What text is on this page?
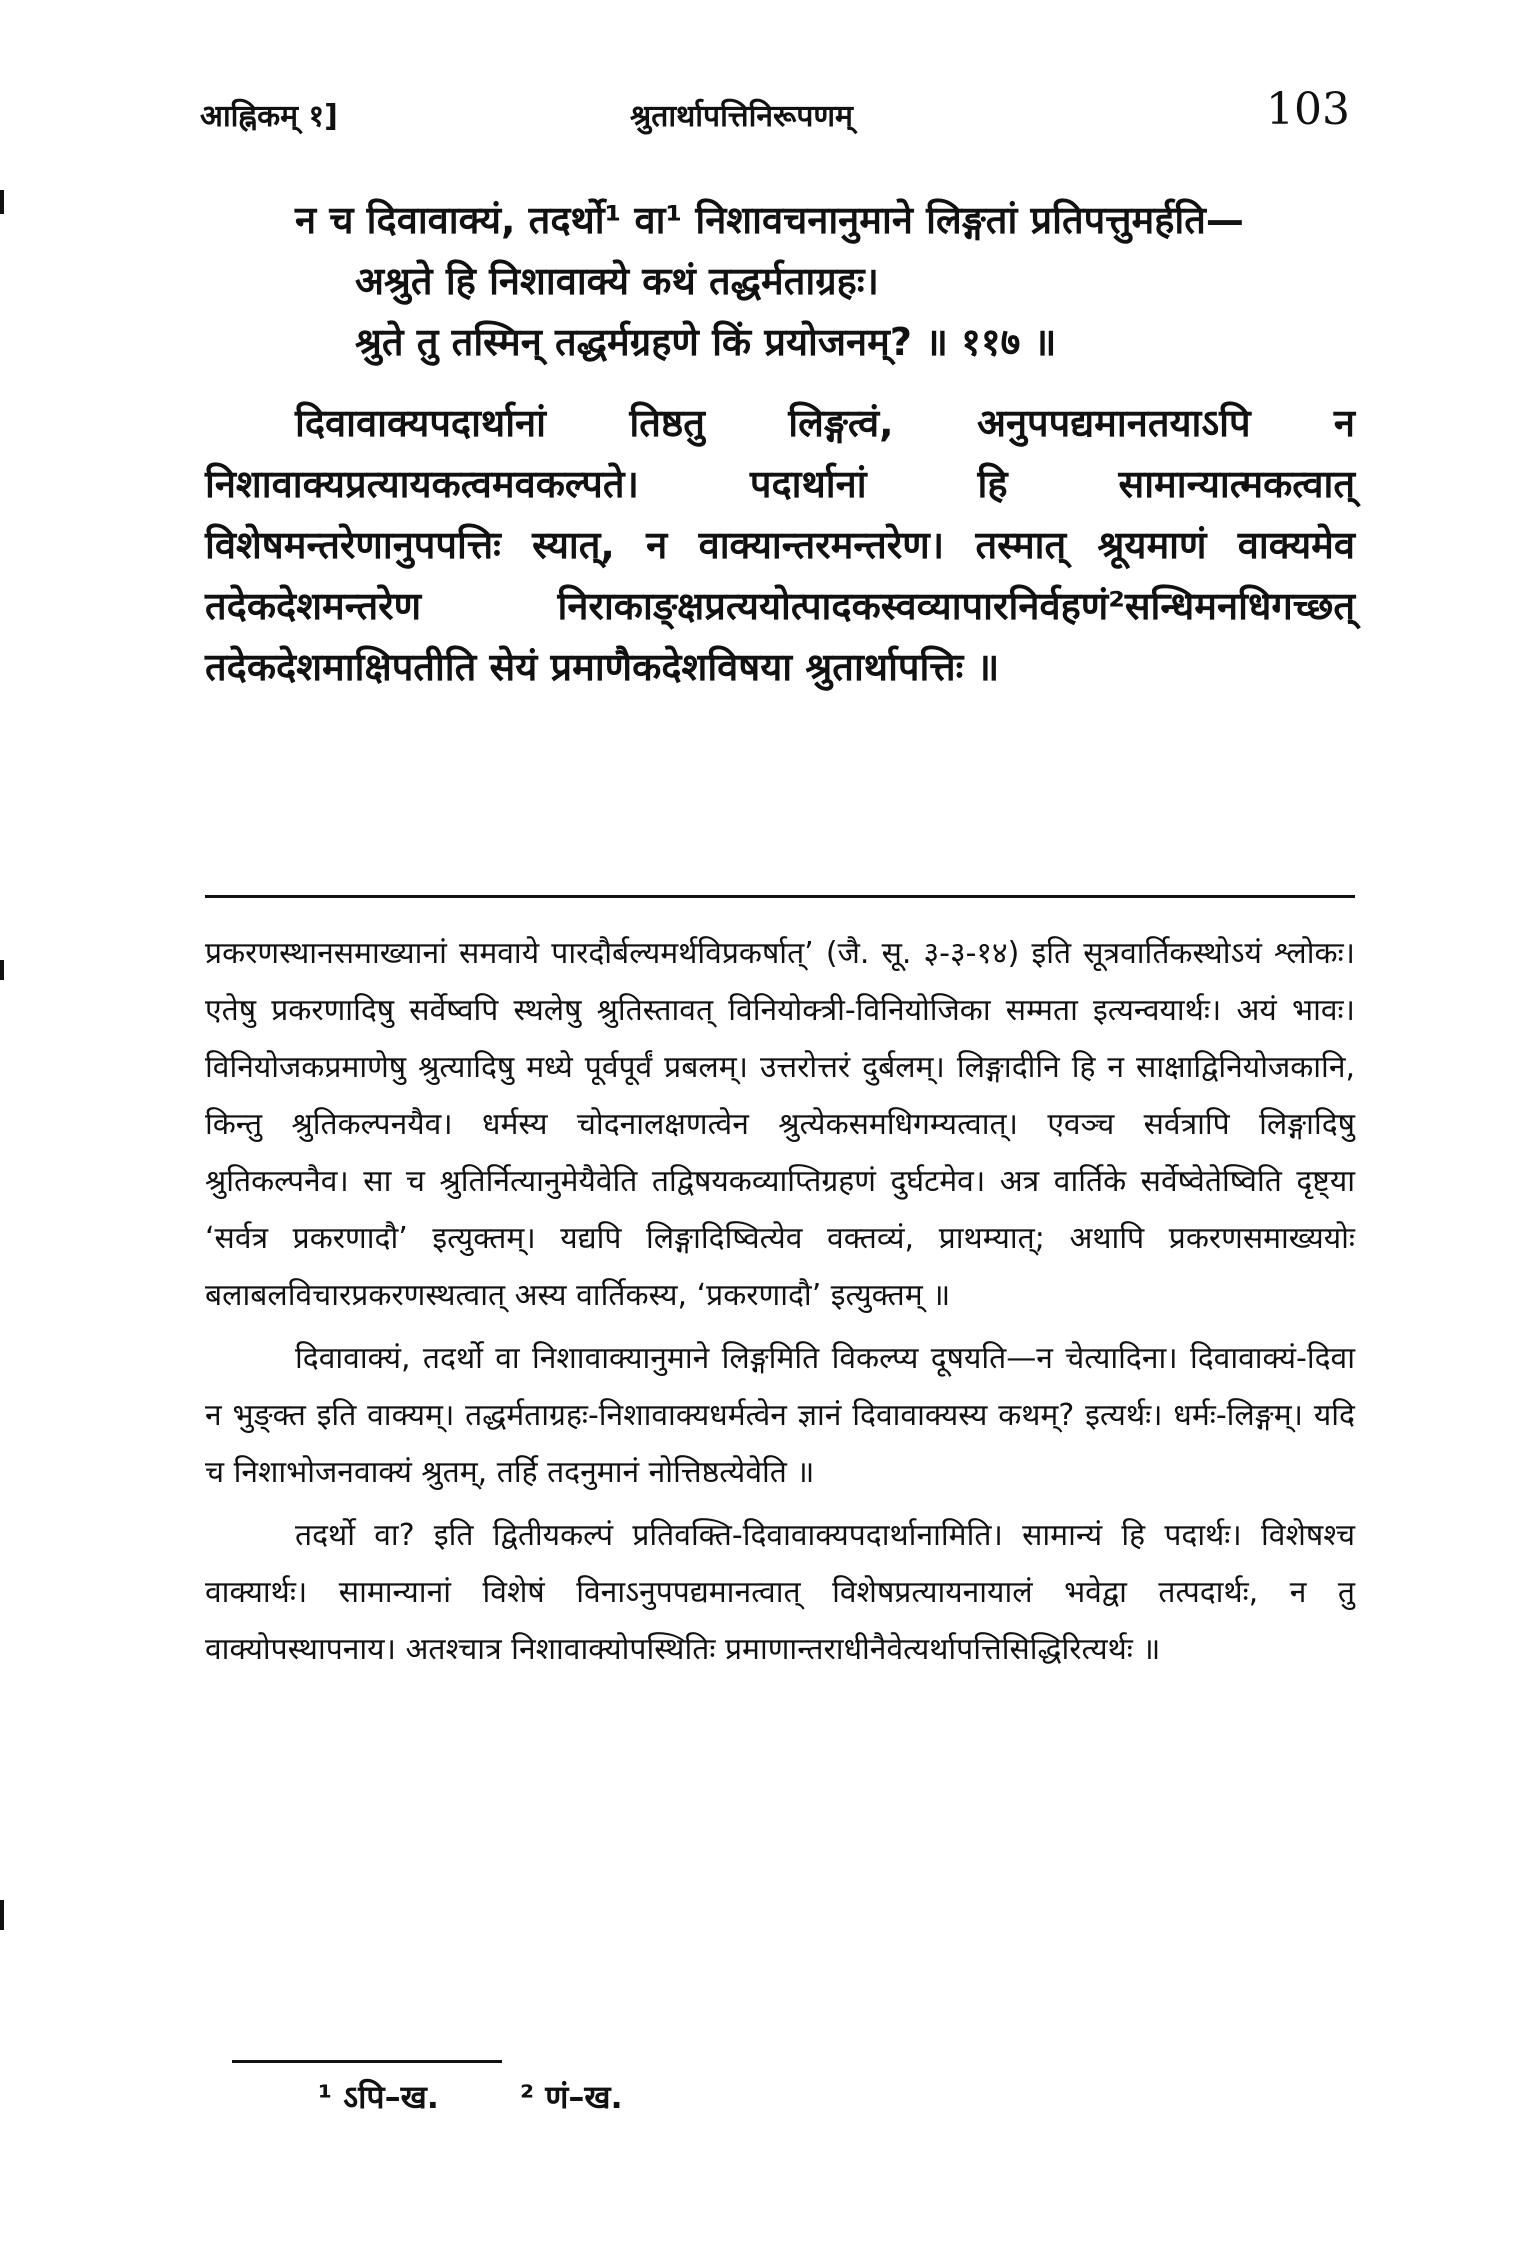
आह्निकम् १]	श्रुतार्थापत्तिनिरूपणम्	103

न च दिवावाक्यं, तदर्थो¹ वा¹ निशावचनानुमाने लिङ्गतां प्रतिपत्तुमर्हति—

अश्रुते हि निशावाक्ये कथं तद्धर्मताग्रहः।

श्रुते तु तस्मिन् तद्धर्मग्रहणे किं प्रयोजनम्? ॥ ११७ ॥

दिवावाक्यपदार्थानां तिष्ठतु लिङ्गत्वं, अनुपपद्यमानतयाऽपि न निशावाक्यप्रत्यायकत्वमवकल्पते। पदार्थानां हि सामान्यात्मकत्वात् विशेषमन्तरेणानुपपत्तिः स्यात्, न वाक्यान्तरमन्तरेण। तस्मात् श्रूयमाणं वाक्यमेव तदेकदेशमन्तरेण निराकाङ्क्षप्रत्ययोत्पादकस्वव्यापारनिर्वहणं²सन्धिमनधिगच्छत् तदेकदेशमाक्षिपतीति सेयं प्रमाणैकदेशविषया श्रुतार्थापत्तिः ॥

प्रकरणस्थानसमाख्यानां समवाये पारदौर्बल्यमर्थविप्रकर्षात्’ (जै. सू. ३-३-१४) इति सूत्रवार्तिकस्थोऽयं श्लोकः। एतेषु प्रकरणादिषु सर्वेष्वपि स्थलेषु श्रुतिस्तावत् विनियोक्त्री-विनियोजिका सम्मता इत्यन्वयार्थः। अयं भावः। विनियोजकप्रमाणेषु श्रुत्यादिषु मध्ये पूर्वपूर्वं प्रबलम्। उत्तरोत्तरं दुर्बलम्। लिङ्गादीनि हि न साक्षाद्विनियोजकानि, किन्तु श्रुतिकल्पनयैव। धर्मस्य चोदनालक्षणत्वेन श्रुत्येकसमधिगम्यत्वात्। एवञ्च सर्वत्रापि लिङ्गादिषु श्रुतिकल्पनैव। सा च श्रुतिर्नित्यानुमेयैवेति तद्विषयकव्याप्तिग्रहणं दुर्घटमेव। अत्र वार्तिके सर्वेष्वेतेष्विति दृष्ट्या ‘सर्वत्र प्रकरणादौ’ इत्युक्तम्। यद्यपि लिङ्गादिष्वित्येव वक्तव्यं, प्राथम्यात्; अथापि प्रकरणसमाख्ययोः बलाबलविचारप्रकरणस्थत्वात् अस्य वार्तिकस्य, ‘प्रकरणादौ’ इत्युक्तम् ॥

दिवावाक्यं, तदर्थो वा निशावाक्यानुमाने लिङ्गमिति विकल्प्य दूषयति—न चेत्यादिना। दिवावाक्यं-दिवा न भुङ्क्त इति वाक्यम्। तद्धर्मताग्रहः-निशावाक्यधर्मत्वेन ज्ञानं दिवावाक्यस्य कथम्? इत्यर्थः। धर्मः-लिङ्गम्। यदि च निशाभोजनवाक्यं श्रुतम्, तर्हि तदनुमानं नोत्तिष्ठत्येवेति ॥

तदर्थो वा? इति द्वितीयकल्पं प्रतिवक्ति-दिवावाक्यपदार्थानामिति। सामान्यं हि पदार्थः। विशेषश्च वाक्यार्थः। सामान्यानां विशेषं विनाऽनुपपद्यमानत्वात् विशेषप्रत्यायनायालं भवेद्वा तत्पदार्थः, न तु वाक्योपस्थापनाय। अतश्चात्र निशावाक्योपस्थितिः प्रमाणान्तराधीनैवेत्यर्थापत्तिसिद्धिरित्यर्थः ॥

¹ ऽपि–ख.	² णं–ख.
